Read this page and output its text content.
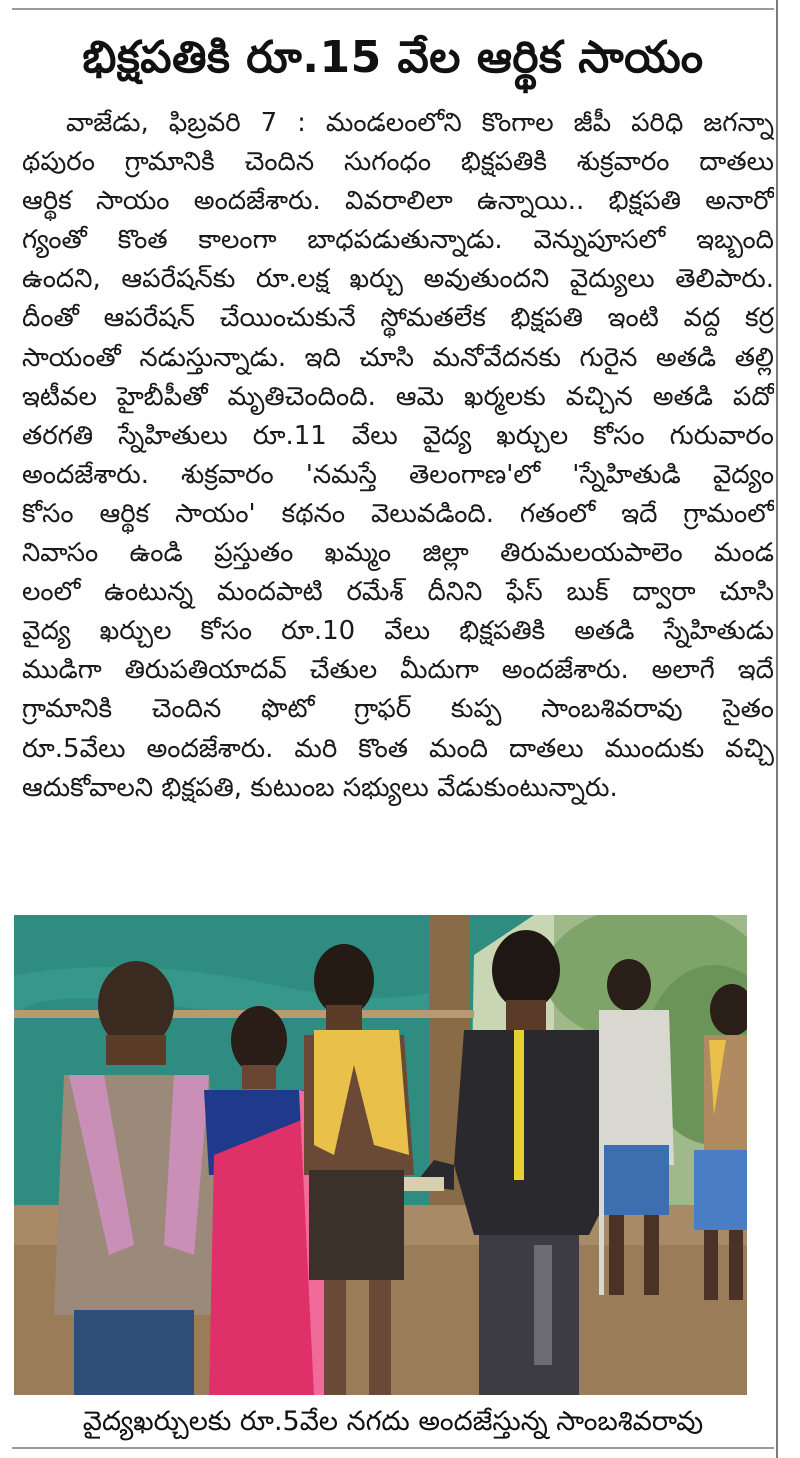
భిక్షపతికి రూ.15 వేల ఆర్థిక సాయం
వాజేడు, ఫిబ్రవరి 7 : మండలంలోని కొంగాల జీపీ పరిధి జగన్నా
థపురం గ్రామానికి చెందిన సుగంధం భిక్షపతికి శుక్రవారం దాతలు
ఆర్థిక సాయం అందజేశారు. వివరాలిలా ఉన్నాయి.. భిక్షపతి అనారో
గ్యంతో కొంత కాలంగా బాధపడుతున్నాడు. వెన్నుపూసలో ఇబ్బంది
ఉందని, ఆపరేషన్‌కు రూ.లక్ష ఖర్చు అవుతుందని వైద్యులు తెలిపారు.
దీంతో ఆపరేషన్ చేయించుకునే స్థోమతలేక భిక్షపతి ఇంటి వద్ద కర్ర
సాయంతో నడుస్తున్నాడు. ఇది చూసి మనోవేదనకు గురైన అతడి తల్లి
ఇటీవల హైబీపీతో మృతిచెందింది. ఆమె ఖర్మలకు వచ్చిన అతడి పదో
తరగతి స్నేహితులు రూ.11 వేలు వైద్య ఖర్చుల కోసం గురువారం
అందజేశారు. శుక్రవారం 'నమస్తే తెలంగాణ'లో 'స్నేహితుడి వైద్యం
కోసం ఆర్థిక సాయం' కథనం వెలువడింది. గతంలో ఇదే గ్రామంలో
నివాసం ఉండి ప్రస్తుతం ఖమ్మం జిల్లా తిరుమలయపాలెం మండ
లంలో ఉంటున్న మందపాటి రమేశ్ దీనిని ఫేస్ బుక్ ద్వారా చూసి
వైద్య ఖర్చుల కోసం రూ.10 వేలు భిక్షపతికి అతడి స్నేహితుడు
ముడిగా తిరుపతియాదవ్ చేతుల మీదుగా అందజేశారు. అలాగే ఇదే
గ్రామానికి చెందిన ఫొటో గ్రాఫర్ కుప్ప సాంబశివరావు సైతం
రూ.5వేలు అందజేశారు. మరి కొంత మంది దాతలు ముందుకు వచ్చి
ఆదుకోవాలని భిక్షపతి, కుటుంబ సభ్యులు వేడుకుంటున్నారు.
వైద్యఖర్చులకు రూ.5వేల నగదు అందజేస్తున్న సాంబశివరావు
